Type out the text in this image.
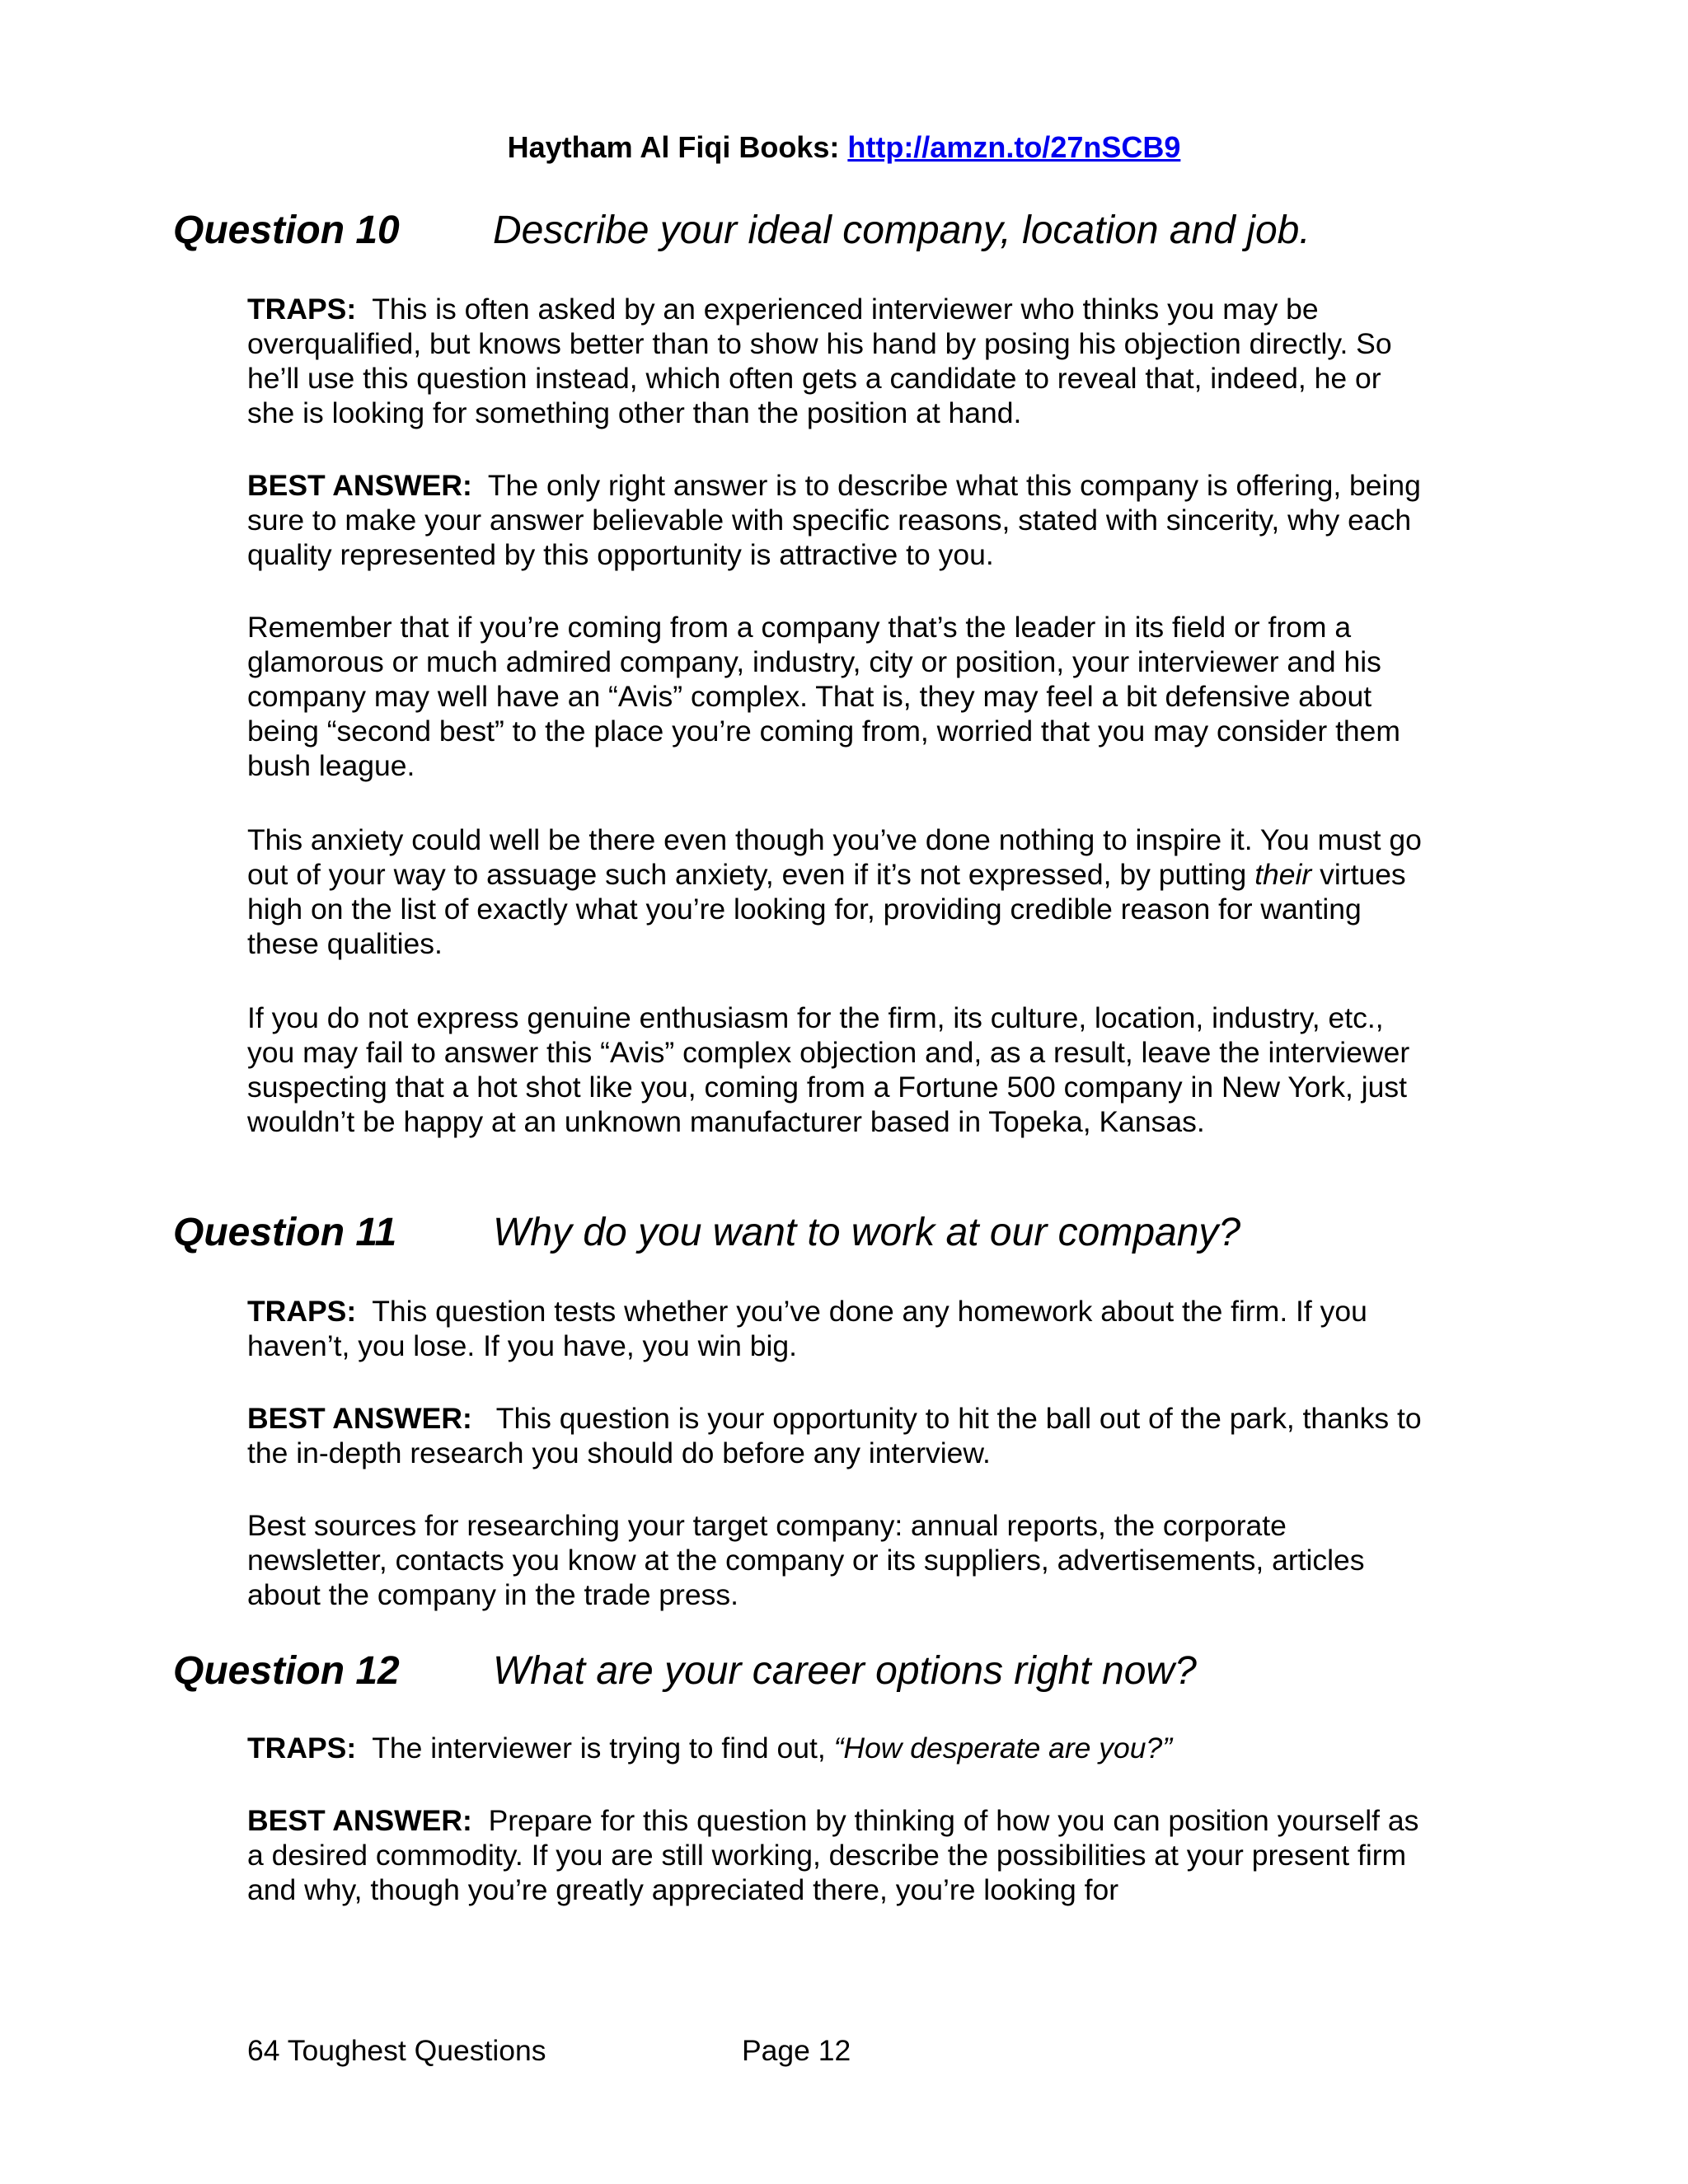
Haytham Al Fiqi Books: http://amzn.to/27nSCB9
Question 10 Describe your ideal company, location and job.

TRAPS: This is often asked by an experienced interviewer who thinks you may be overqualified, but knows better than to show his hand by posing his objection directly. So he’ll use this question instead, which often gets a candidate to reveal that, indeed, he or she is looking for something other than the position at hand.

BEST ANSWER: The only right answer is to describe what this company is offering, being sure to make your answer believable with specific reasons, stated with sincerity, why each quality represented by this opportunity is attractive to you.

Remember that if you’re coming from a company that’s the leader in its field or from a glamorous or much admired company, industry, city or position, your interviewer and his company may well have an “Avis” complex. That is, they may feel a bit defensive about being “second best” to the place you’re coming from, worried that you may consider them bush league.

This anxiety could well be there even though you’ve done nothing to inspire it. You must go out of your way to assuage such anxiety, even if it’s not expressed, by putting their virtues high on the list of exactly what you’re looking for, providing credible reason for wanting these qualities.

If you do not express genuine enthusiasm for the firm, its culture, location, industry, etc., you may fail to answer this “Avis” complex objection and, as a result, leave the interviewer suspecting that a hot shot like you, coming from a Fortune 500 company in New York, just wouldn’t be happy at an unknown manufacturer based in Topeka, Kansas.

Question 11 Why do you want to work at our company?

TRAPS: This question tests whether you’ve done any homework about the firm. If you haven’t, you lose. If you have, you win big.

BEST ANSWER: This question is your opportunity to hit the ball out of the park, thanks to the in-depth research you should do before any interview.

Best sources for researching your target company: annual reports, the corporate newsletter, contacts you know at the company or its suppliers, advertisements, articles about the company in the trade press.

Question 12 What are your career options right now?

TRAPS: The interviewer is trying to find out, “How desperate are you?”

BEST ANSWER: Prepare for this question by thinking of how you can position yourself as a desired commodity. If you are still working, describe the possibilities at your present firm and why, though you’re greatly appreciated there, you’re looking for

64 Toughest Questions	Page 12
